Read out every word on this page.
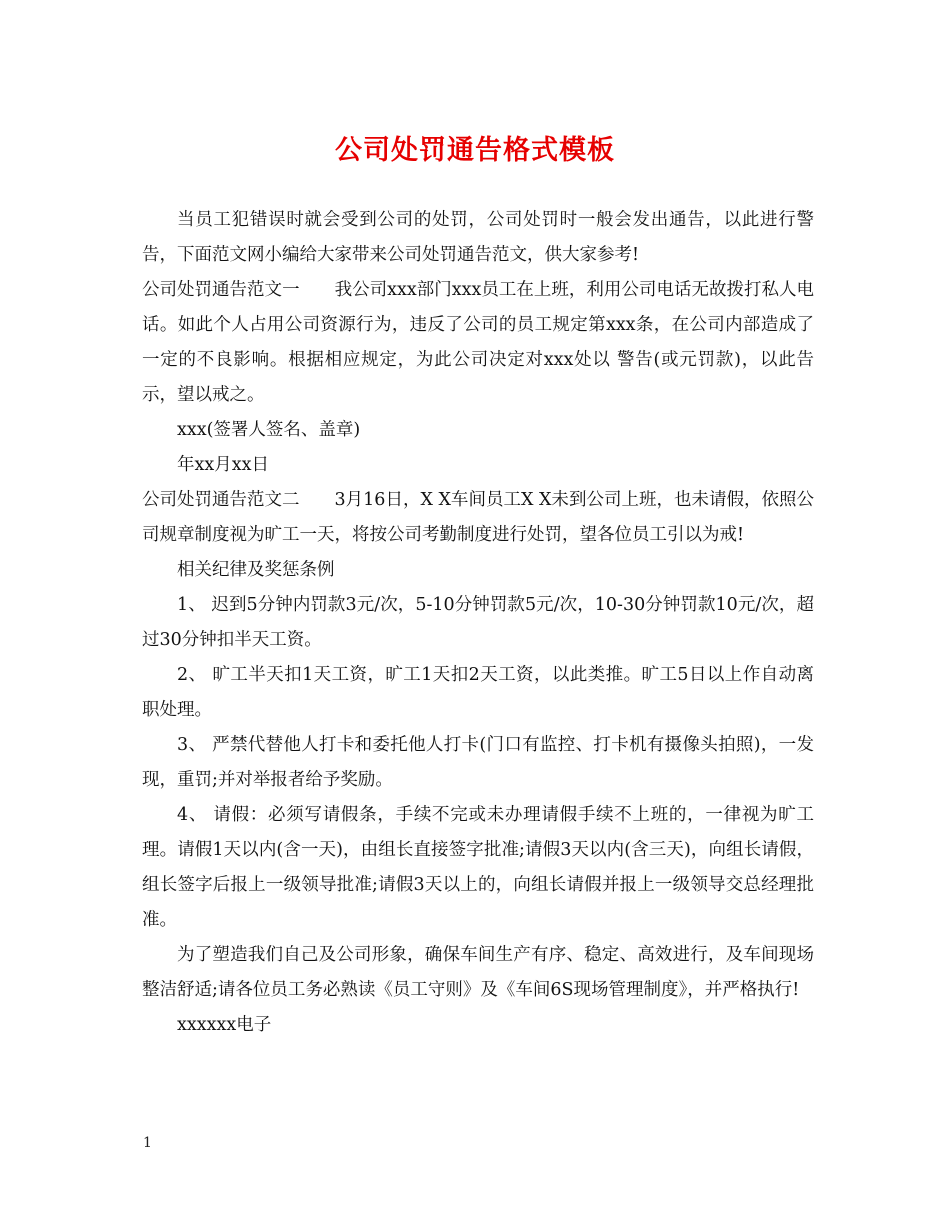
公司处罚通告格式模板

当员工犯错误时就会受到公司的处罚，公司处罚时一般会发出通告，以此进行警告，下面范文网小编给大家带来公司处罚通告范文，供大家参考!

公司处罚通告范文一 我公司xxx部门xxx员工在上班，利用公司电话无故拨打私人电话。如此个人占用公司资源行为，违反了公司的员工规定第xxx条，在公司内部造成了一定的不良影响。根据相应规定，为此公司决定对xxx处以 警告(或元罚款)，以此告示，望以戒之。

xxx(签署人签名、盖章)

年xx月xx日

公司处罚通告范文二 3月16日，X X车间员工X X未到公司上班，也未请假，依照公司规章制度视为旷工一天，将按公司考勤制度进行处罚，望各位员工引以为戒!

相关纪律及奖惩条例

1、 迟到5分钟内罚款3元/次，5-10分钟罚款5元/次，10-30分钟罚款10元/次，超过30分钟扣半天工资。

2、 旷工半天扣1天工资，旷工1天扣2天工资，以此类推。旷工5日以上作自动离职处理。

3、 严禁代替他人打卡和委托他人打卡(门口有监控、打卡机有摄像头拍照)，一发现，重罚;并对举报者给予奖励。

4、 请假：必须写请假条，手续不完或未办理请假手续不上班的，一律视为旷工理。请假1天以内(含一天)，由组长直接签字批准;请假3天以内(含三天)，向组长请假，组长签字后报上一级领导批准;请假3天以上的，向组长请假并报上一级领导交总经理批准。

为了塑造我们自己及公司形象，确保车间生产有序、稳定、高效进行，及车间现场整洁舒适;请各位员工务必熟读《员工守则》及《车间6S现场管理制度》，并严格执行!

xxxxxx电子

1
